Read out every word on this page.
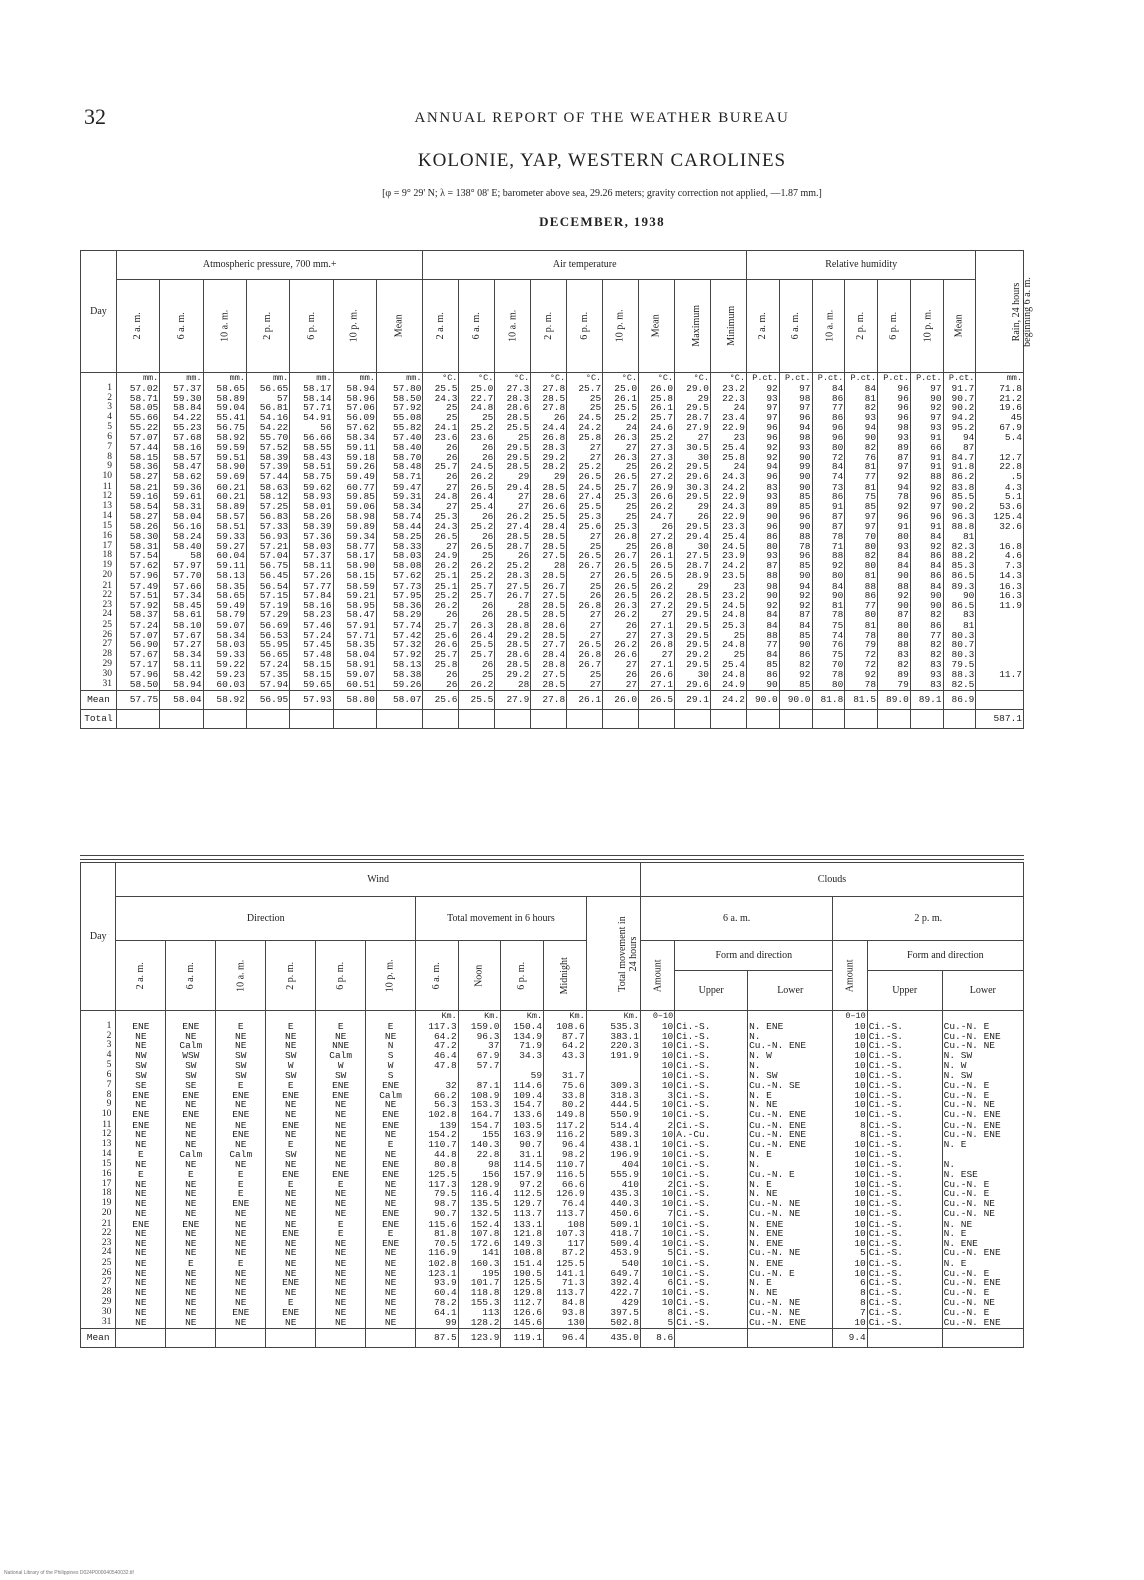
32	ANNUAL REPORT OF THE WEATHER BUREAU
KOLONIE, YAP, WESTERN CAROLINES
[φ = 9° 29' N; λ = 138° 08' E; barometer above sea, 29.26 meters; gravity correction not applied, —1.87 mm.]
DECEMBER, 1938
Day	Atmospheric pressure, 700 mm.+							Air temperature									Relative humidity							Rain, 24 hours beginning 6 a. m.
	2 a. m.	6 a. m.	10 a. m.	2 p. m.	6 p. m.	10 p. m.	Mean	2 a. m.	6 a. m.	10 a. m.	2 p. m.	6 p. m.	10 p. m.	Mean	Maximum	Minimum	2 a. m.	6 a. m.	10 a. m.	2 p. m.	6 p. m.	10 p. m.	Mean	
	mm.	mm.	mm.	mm.	mm.	mm.	mm.	°C.	°C.	°C.	°C.	°C.	°C.	°C.	°C.	°C.	P.ct.	P.ct.	P.ct.	P.ct.	P.ct.	P.ct.	P.ct.	mm.
1	57.02	57.37	58.65	56.65	58.17	58.94	57.80	25.5	25.0	27.3	27.8	25.7	25.0	26.0	29.0	23.2	92	97	84	84	96	97	91.7	71.8
2	58.71	59.30	58.89	57	58.14	58.96	58.50	24.3	22.7	28.3	28.5	25	26.1	25.8	29	22.3	93	98	86	81	96	90	90.7	21.2
3	58.05	58.84	59.04	56.81	57.71	57.06	57.92	25	24.8	28.6	27.8	25	25.5	26.1	29.5	24	97	97	77	82	96	92	90.2	19.6
4	55.66	54.22	55.41	54.16	54.91	56.09	55.08	25	25	28.5	26	24.5	25.2	25.7	28.7	23.4	97	96	86	93	96	97	94.2	45
5	55.22	55.23	56.75	54.22	56	57.62	55.82	24.1	25.2	25.5	24.4	24.2	24	24.6	27.9	22.9	96	94	96	94	98	93	95.2	67.9
6	57.07	57.68	58.92	55.70	56.66	58.34	57.40	23.6	23.6	25	26.8	25.8	26.3	25.2	27	23	96	98	96	90	93	91	94	5.4
7	57.44	58.16	59.59	57.52	58.55	59.11	58.40	26	26	29.5	28.3	27	27	27.3	30.5	25.4	92	93	80	82	89	66	87	
8	58.15	58.57	59.51	58.39	58.43	59.18	58.70	26	26	29.5	29.2	27	26.3	27.3	30	25.8	92	90	72	76	87	91	84.7	12.7
9	58.36	58.47	58.90	57.39	58.51	59.26	58.48	25.7	24.5	28.5	28.2	25.2	25	26.2	29.5	24	94	99	84	81	97	91	91.8	22.8
10	58.27	58.62	59.69	57.44	58.75	59.49	58.71	26	26.2	29	29	26.5	26.5	27.2	29.6	24.3	96	90	74	77	92	88	86.2	.5
11	58.21	59.36	60.21	58.63	59.62	60.77	59.47	27	26.5	29.4	28.5	24.5	25.7	26.9	30.3	24.2	83	90	73	81	94	92	83.8	4.3
12	59.16	59.61	60.21	58.12	58.93	59.85	59.31	24.8	26.4	27	28.6	27.4	25.3	26.6	29.5	22.9	93	85	86	75	78	96	85.5	5.1
13	58.54	58.31	58.89	57.25	58.01	59.06	58.34	27	25.4	27	26.6	25.5	25	26.2	29	24.3	89	85	91	85	92	97	90.2	53.6
14	58.27	58.04	58.57	56.83	58.26	58.98	58.74	25.3	26	26.2	25.5	25.3	25	24.7	26	22.9	90	96	87	97	96	96	96.3	125.4
15	58.26	56.16	58.51	57.33	58.39	59.89	58.44	24.3	25.2	27.4	28.4	25.6	25.3	26	29.5	23.3	96	90	87	97	91	91	88.8	32.6
16	58.30	58.24	59.33	56.93	57.36	59.34	58.25	26.5	26	28.5	28.5	27	26.8	27.2	29.4	25.4	86	88	78	70	80	84	81	
17	58.31	58.40	59.27	57.21	58.03	58.77	58.33	27	26.5	28.7	28.5	25	25	26.8	30	24.5	80	78	71	80	93	92	82.3	16.8
18	57.54	58	60.04	57.04	57.37	58.17	58.03	24.9	25	26	27.5	26.5	26.7	26.1	27.5	23.9	93	96	88	82	84	86	88.2	4.6
19	57.62	57.97	59.11	56.75	58.11	58.90	58.08	26.2	26.2	25.2	28	26.7	26.5	26.5	28.7	24.2	87	85	92	80	84	84	85.3	7.3
20	57.96	57.70	58.13	56.45	57.26	58.15	57.62	25.1	25.2	28.3	28.5	27	26.5	26.5	28.9	23.5	88	90	80	81	90	86	86.5	14.3
21	57.49	57.66	58.35	56.54	57.77	58.59	57.73	25.1	25.7	27.5	26.7	25	26.5	26.2	29	23	98	94	84	88	88	84	89.3	16.3
22	57.51	57.34	58.65	57.15	57.84	59.21	57.95	25.2	25.7	26.7	27.5	26	26.5	26.2	28.5	23.2	90	92	90	86	92	90	90	16.3
23	57.92	58.45	59.49	57.19	58.16	58.95	58.36	26.2	26	28	28.5	26.8	26.3	27.2	29.5	24.5	92	92	81	77	90	90	86.5	11.9
24	58.37	58.61	58.79	57.29	58.23	58.47	58.29	26	26	28.5	28.5	27	26.2	27	29.5	24.8	84	87	78	80	87	82	83	
25	57.24	58.10	59.07	56.69	57.46	57.91	57.74	25.7	26.3	28.8	28.6	27	26	27.1	29.5	25.3	84	84	75	81	80	86	81	
26	57.07	57.67	58.34	56.53	57.24	57.71	57.42	25.6	26.4	29.2	28.5	27	27	27.3	29.5	25	88	85	74	78	80	77	80.3	
27	56.90	57.27	58.03	55.95	57.45	58.35	57.32	26.6	25.5	28.5	27.7	26.5	26.2	26.8	29.5	24.8	77	90	76	79	88	82	80.7	
28	57.67	58.34	59.33	56.65	57.48	58.04	57.92	25.7	25.7	28.6	28.4	26.8	26.6	27	29.2	25	84	86	75	72	83	82	80.3	
29	57.17	58.11	59.22	57.24	58.15	58.91	58.13	25.8	26	28.5	28.8	26.7	27	27.1	29.5	25.4	85	82	70	72	82	83	79.5	
30	57.96	58.42	59.23	57.35	58.15	59.07	58.38	26	25	29.2	27.5	25	26	26.6	30	24.8	86	92	78	92	89	93	88.3	11.7
31	58.50	58.94	60.03	57.94	59.65	60.51	59.26	26	26.2	28	28.5	27	27	27.1	29.6	24.9	90	85	80	78	79	83	82.5	
Mean	57.75	58.04	58.92	56.95	57.93	58.80	58.07	25.6	25.5	27.9	27.8	26.1	26.0	26.5	29.1	24.2	90.0	90.0	81.8	81.5	89.0	89.1	86.9	
Total																								587.1
Day	Wind											Clouds					
	Direction						Total movement in 6 hours				Total movement in 24 hours	6 a. m.			2 p. m.		
	2 a. m.	6 a. m.	10 a. m.	2 p. m.	6 p. m.	10 p. m.	6 a. m.	Noon	6 p. m.	Midnight		Amount	Form and direction		Amount	Form and direction	
													Upper	Lower		Upper	Lower
							Km.	Km.	Km.	Km.	Km.	0–10			0–10		
1	ENE	ENE	E	E	E	E	117.3	159.0	150.4	108.6	535.3	10	Ci.-S.	N. ENE	10	Ci.-S.	Cu.-N. E
2	NE	NE	NE	NE	NE	NE	64.2	96.3	134.9	87.7	383.1	10	Ci.-S.	N.	10	Ci.-S.	Cu.-N. ENE
3	NE	Calm	NE	NE	NNE	N	47.2	37	71.9	64.2	220.3	10	Ci.-S.	Cu.-N. ENE	10	Ci.-S.	Cu.-N. NE
4	NW	WSW	SW	SW	Calm	S	46.4	67.9	34.3	43.3	191.9	10	Ci.-S.	N. W	10	Ci.-S.	N. SW
5	SW	SW	SW	W	W	W	47.8	57.7				10	Ci.-S.	N.	10	Ci.-S.	N. W
6	SW	SW	SW	SW	SW	S			59	31.7		10	Ci.-S.	N. SW	10	Ci.-S.	N. SW
7	SE	SE	E	E	ENE	ENE	32	87.1	114.6	75.6	309.3	10	Ci.-S.	Cu.-N. SE	10	Ci.-S.	Cu.-N. E
8	ENE	ENE	ENE	ENE	ENE	Calm	66.2	108.9	109.4	33.8	318.3	3	Ci.-S.	N. E	10	Ci.-S.	Cu.-N. E
9	NE	NE	NE	NE	NE	NE	56.3	153.3	154.7	80.2	444.5	10	Ci.-S.	N. NE	10	Ci.-S.	Cu.-N. NE
10	ENE	ENE	ENE	NE	NE	ENE	102.8	164.7	133.6	149.8	550.9	10	Ci.-S.	Cu.-N. ENE	10	Ci.-S.	Cu.-N. ENE
11	ENE	NE	NE	ENE	NE	ENE	139	154.7	103.5	117.2	514.4	2	Ci.-S.	Cu.-N. ENE	8	Ci.-S.	Cu.-N. ENE
12	NE	NE	ENE	NE	NE	NE	154.2	155	163.9	116.2	589.3	10	A.-Cu.	Cu.-N. ENE	8	Ci.-S.	Cu.-N. ENE
13	NE	NE	NE	E	NE	E	110.7	140.3	90.7	96.4	438.1	10	Ci.-S.	Cu.-N. ENE	10	Ci.-S.	N. E
14	E	Calm	Calm	SW	NE	NE	44.8	22.8	31.1	98.2	196.9	10	Ci.-S.	N. E	10	Ci.-S.	
15	NE	NE	NE	NE	NE	ENE	80.8	98	114.5	110.7	404	10	Ci.-S.	N.	10	Ci.-S.	N.
16	E	E	E	ENE	ENE	ENE	125.5	156	157.9	116.5	555.9	10	Ci.-S.	Cu.-N. E	10	Ci.-S.	N. ESE
17	NE	NE	E	E	E	NE	117.3	128.9	97.2	66.6	410	2	Ci.-S.	N. E	10	Ci.-S.	Cu.-N. E
18	NE	NE	E	NE	NE	NE	79.5	116.4	112.5	126.9	435.3	10	Ci.-S.	N. NE	10	Ci.-S.	Cu.-N. E
19	NE	NE	ENE	NE	NE	NE	98.7	135.5	129.7	76.4	440.3	10	Ci.-S.	Cu.-N. NE	10	Ci.-S.	Cu.-N. NE
20	NE	NE	NE	NE	NE	ENE	90.7	132.5	113.7	113.7	450.6	7	Ci.-S.	Cu.-N. NE	10	Ci.-S.	Cu.-N. NE
21	ENE	ENE	NE	NE	E	ENE	115.6	152.4	133.1	108	509.1	10	Ci.-S.	N. ENE	10	Ci.-S.	N. NE
22	NE	NE	NE	ENE	E	E	81.8	107.8	121.8	107.3	418.7	10	Ci.-S.	N. ENE	10	Ci.-S.	N. E
23	NE	NE	NE	NE	NE	ENE	70.5	172.6	149.3	117	509.4	10	Ci.-S.	N. ENE	10	Ci.-S.	N. ENE
24	NE	NE	NE	NE	NE	NE	116.9	141	108.8	87.2	453.9	5	Ci.-S.	Cu.-N. NE	5	Ci.-S.	Cu.-N. ENE
25	NE	E	E	NE	NE	NE	102.8	160.3	151.4	125.5	540	10	Ci.-S.	N. ENE	10	Ci.-S.	N. E
26	NE	NE	NE	NE	NE	NE	123.1	195	190.5	141.1	649.7	10	Ci.-S.	Cu.-N. E	10	Ci.-S.	Cu.-N. E
27	NE	NE	NE	ENE	NE	NE	93.9	101.7	125.5	71.3	392.4	6	Ci.-S.	N. E	6	Ci.-S.	Cu.-N. ENE
28	NE	NE	NE	NE	NE	NE	60.4	118.8	129.8	113.7	422.7	10	Ci.-S.	N. NE	8	Ci.-S.	Cu.-N. E
29	NE	NE	NE	E	NE	NE	78.2	155.3	112.7	84.8	429	10	Ci.-S.	Cu.-N. NE	8	Ci.-S.	Cu.-N. NE
30	NE	NE	ENE	ENE	NE	NE	64.1	113	126.6	93.8	397.5	8	Ci.-S.	Cu.-N. NE	7	Ci.-S.	Cu.-N. E
31	NE	NE	NE	NE	NE	NE	99	128.2	145.6	130	502.8	5	Ci.-S.	Cu.-N. ENE	10	Ci.-S.	Cu.-N. ENE
Mean							87.5	123.9	119.1	96.4	435.0	8.6			9.4		
National Library of the Philippines D024P000040540032.tif
